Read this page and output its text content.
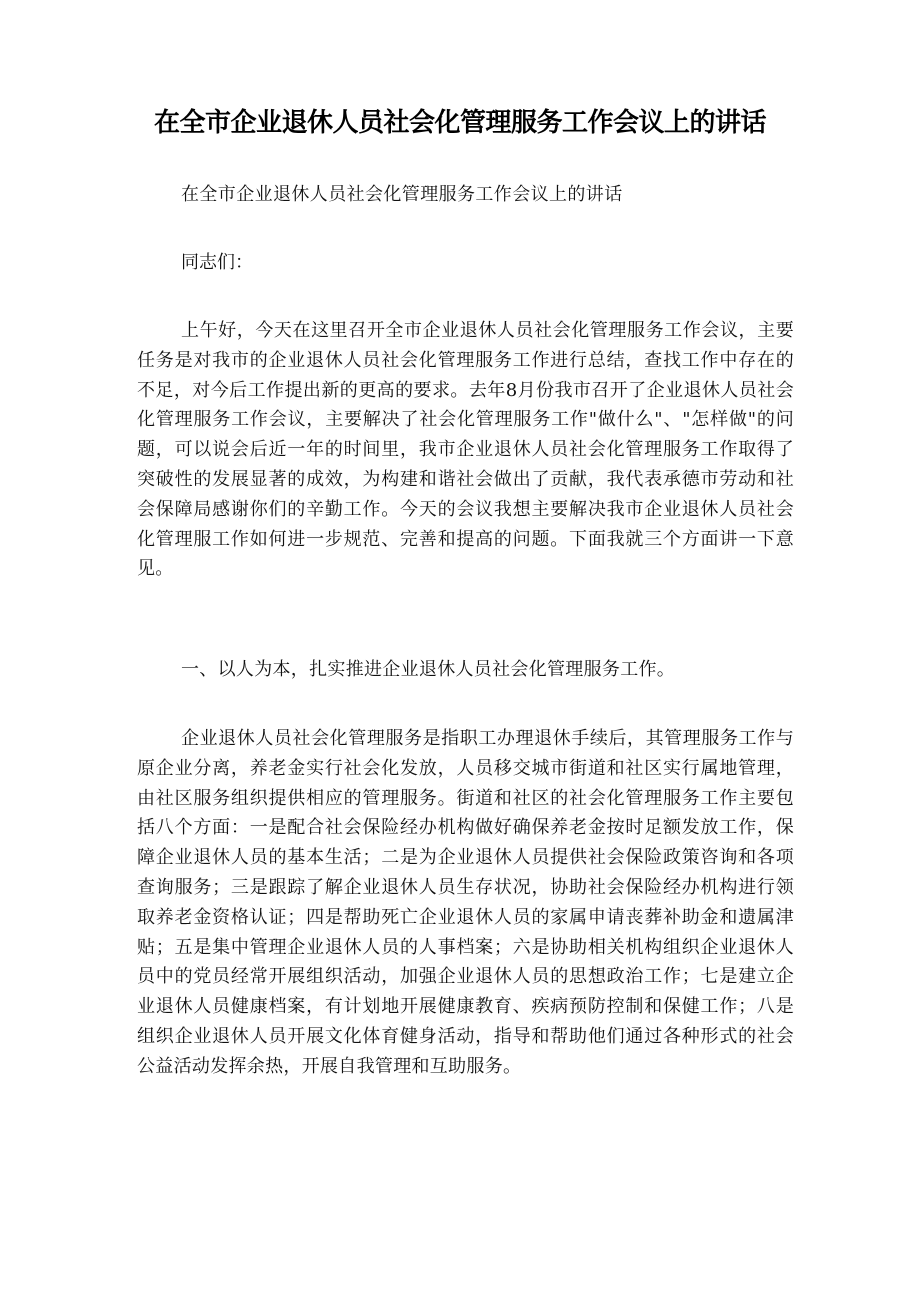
在全市企业退休人员社会化管理服务工作会议上的讲话
在全市企业退休人员社会化管理服务工作会议上的讲话
同志们：
上午好，今天在这里召开全市企业退休人员社会化管理服务工作会议，主要任务是对我市的企业退休人员社会化管理服务工作进行总结，查找工作中存在的不足，对今后工作提出新的更高的要求。去年8月份我市召开了企业退休人员社会化管理服务工作会议，主要解决了社会化管理服务工作"做什么"、"怎样做"的问题，可以说会后近一年的时间里，我市企业退休人员社会化管理服务工作取得了突破性的发展显著的成效，为构建和谐社会做出了贡献，我代表承德市劳动和社会保障局感谢你们的辛勤工作。今天的会议我想主要解决我市企业退休人员社会化管理服工作如何进一步规范、完善和提高的问题。下面我就三个方面讲一下意见。
一、以人为本，扎实推进企业退休人员社会化管理服务工作。
企业退休人员社会化管理服务是指职工办理退休手续后，其管理服务工作与原企业分离，养老金实行社会化发放，人员移交城市街道和社区实行属地管理，由社区服务组织提供相应的管理服务。街道和社区的社会化管理服务工作主要包括八个方面：一是配合社会保险经办机构做好确保养老金按时足额发放工作，保障企业退休人员的基本生活；二是为企业退休人员提供社会保险政策咨询和各项查询服务；三是跟踪了解企业退休人员生存状况，协助社会保险经办机构进行领取养老金资格认证；四是帮助死亡企业退休人员的家属申请丧葬补助金和遗属津贴；五是集中管理企业退休人员的人事档案；六是协助相关机构组织企业退休人员中的党员经常开展组织活动，加强企业退休人员的思想政治工作；七是建立企业退休人员健康档案，有计划地开展健康教育、疾病预防控制和保健工作；八是组织企业退休人员开展文化体育健身活动，指导和帮助他们通过各种形式的社会公益活动发挥余热，开展自我管理和互助服务。
